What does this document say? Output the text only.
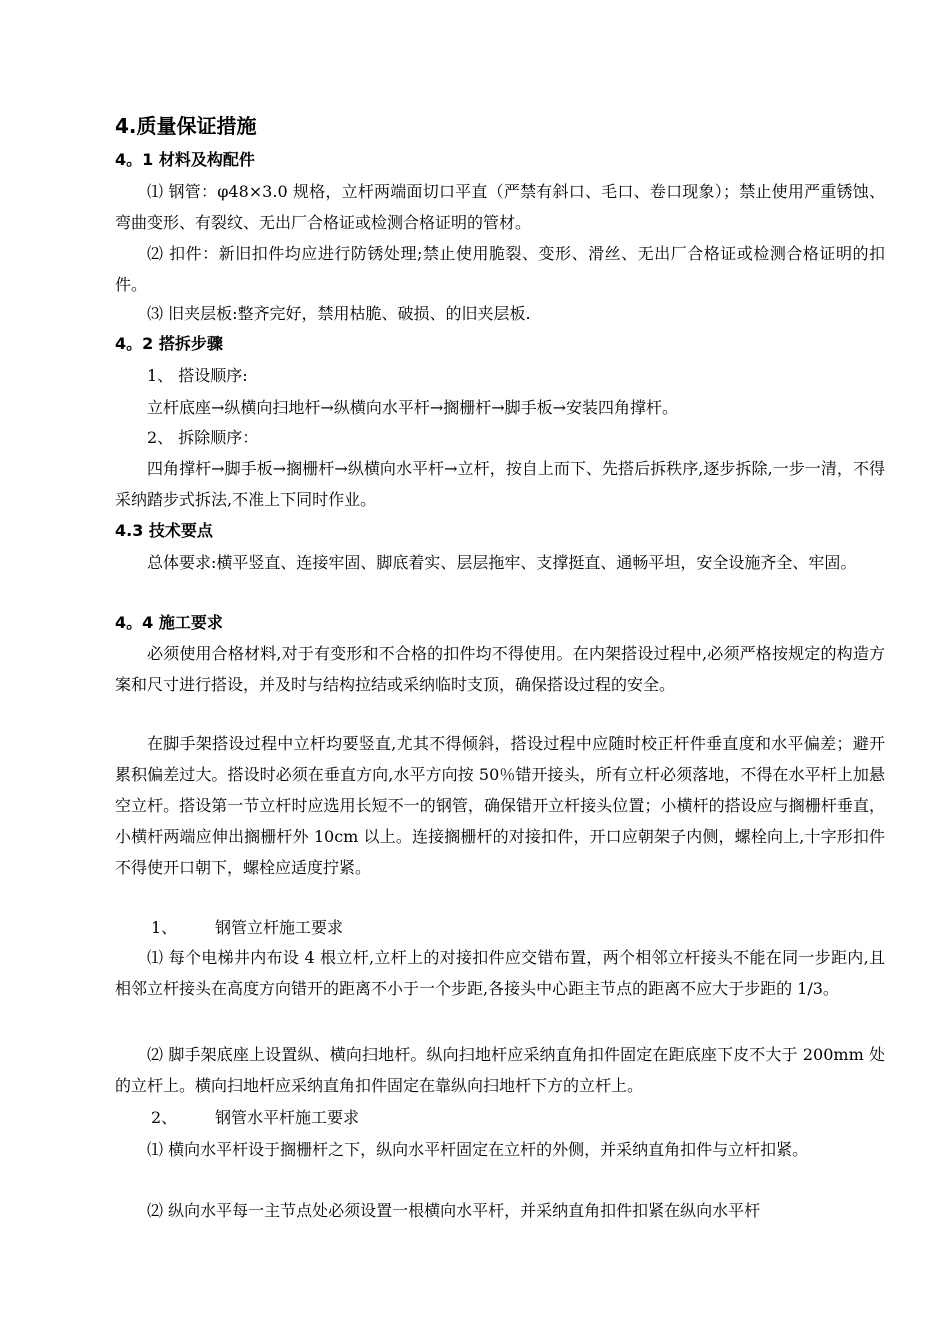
4.质量保证措施
4。1 材料及构配件
⑴ 钢管：φ48×3.0 规格，立杆两端面切口平直（严禁有斜口、毛口、卷口现象）；禁止使用严重锈蚀、弯曲变形、有裂纹、无出厂合格证或检测合格证明的管材。
⑵ 扣件：新旧扣件均应进行防锈处理;禁止使用脆裂、变形、滑丝、无出厂合格证或检测合格证明的扣件。
⑶ 旧夹层板:整齐完好，禁用枯脆、破损、的旧夹层板.
4。2 搭拆步骤
1、 搭设顺序:
立杆底座→纵横向扫地杆→纵横向水平杆→搁栅杆→脚手板→安装四角撑杆。
2、 拆除顺序：
四角撑杆→脚手板→搁栅杆→纵横向水平杆→立杆，按自上而下、先搭后拆秩序,逐步拆除,一步一清，不得采纳踏步式拆法,不准上下同时作业。
4.3 技术要点
总体要求:横平竖直、连接牢固、脚底着实、层层拖牢、支撑挺直、通畅平坦，安全设施齐全、牢固。
4。4 施工要求
必须使用合格材料,对于有变形和不合格的扣件均不得使用。在内架搭设过程中,必须严格按规定的构造方案和尺寸进行搭设，并及时与结构拉结或采纳临时支顶，确保搭设过程的安全。
在脚手架搭设过程中立杆均要竖直,尤其不得倾斜，搭设过程中应随时校正杆件垂直度和水平偏差；避开累积偏差过大。搭设时必须在垂直方向,水平方向按 50％错开接头，所有立杆必须落地，不得在水平杆上加悬空立杆。搭设第一节立杆时应选用长短不一的钢管，确保错开立杆接头位置；小横杆的搭设应与搁栅杆垂直，小横杆两端应伸出搁栅杆外 10cm 以上。连接搁栅杆的对接扣件，开口应朝架子内侧，螺栓向上,十字形扣件不得使开口朝下，螺栓应适度拧紧。
1、 钢管立杆施工要求
⑴ 每个电梯井内布设 4 根立杆,立杆上的对接扣件应交错布置，两个相邻立杆接头不能在同一步距内,且相邻立杆接头在高度方向错开的距离不小于一个步距,各接头中心距主节点的距离不应大于步距的 1/3。
⑵ 脚手架底座上设置纵、横向扫地杆。纵向扫地杆应采纳直角扣件固定在距底座下皮不大于 200mm 处的立杆上。横向扫地杆应采纳直角扣件固定在靠纵向扫地杆下方的立杆上。
2、 钢管水平杆施工要求
⑴ 横向水平杆设于搁栅杆之下，纵向水平杆固定在立杆的外侧，并采纳直角扣件与立杆扣紧。
⑵ 纵向水平每一主节点处必须设置一根横向水平杆，并采纳直角扣件扣紧在纵向水平杆
